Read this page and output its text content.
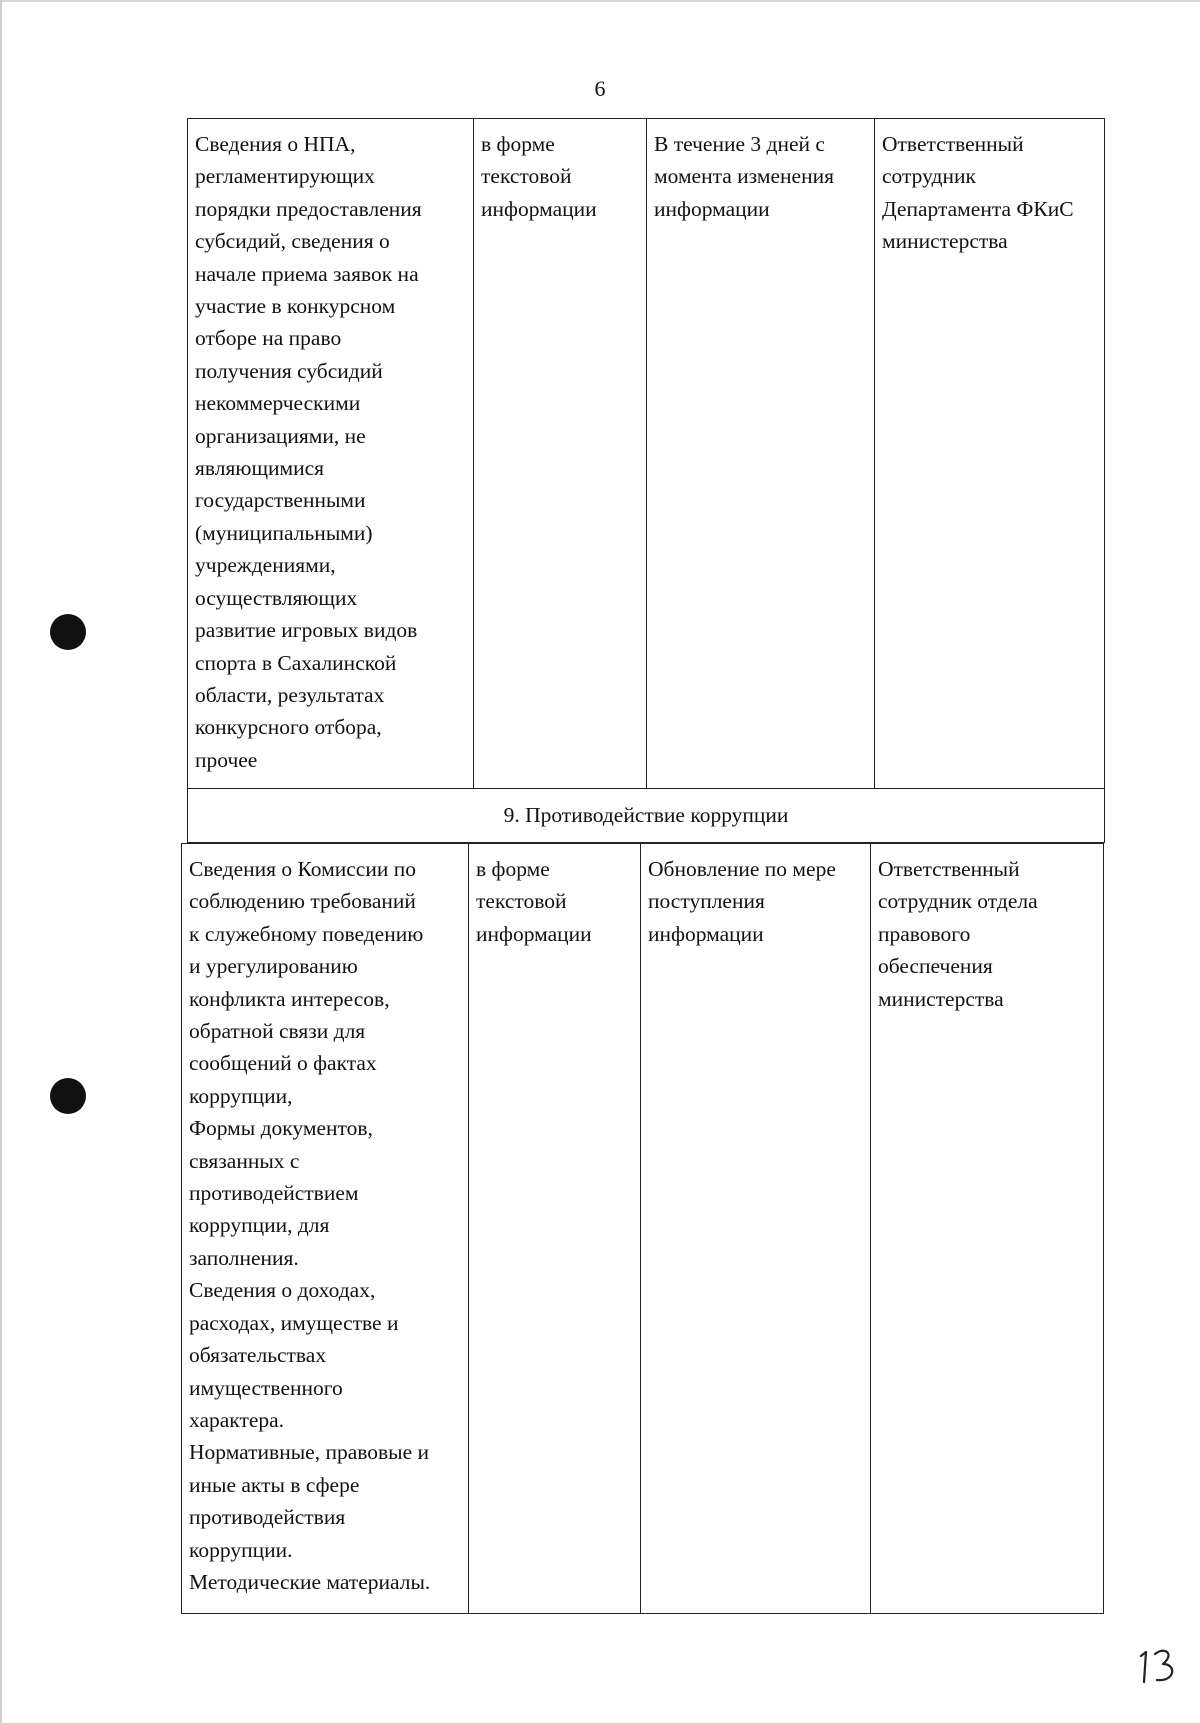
6
Сведения о НПА,
регламентирующих
порядки предоставления
субсидий, сведения о
начале приема заявок на
участие в конкурсном
отборе на право
получения субсидий
некоммерческими
организациями, не
являющимися
государственными
(муниципальными)
учреждениями,
осуществляющих
развитие игровых видов
спорта в Сахалинской
области, результатах
конкурсного отбора,
прочее	в форме
текстовой
информации	В течение 3 дней с
момента изменения
информации	Ответственный
сотрудник
Департамента ФКиС
министерства
9. Противодействие коррупции
Сведения о Комиссии по
соблюдению требований
к служебному поведению
и урегулированию
конфликта интересов,
обратной связи для
сообщений о фактах
коррупции,
Формы документов,
связанных с
противодействием
коррупции, для
заполнения.
Сведения о доходах,
расходах, имуществе и
обязательствах
имущественного
характера.
Нормативные, правовые и
иные акты в сфере
противодействия
коррупции.
Методические материалы.	в форме
текстовой
информации	Обновление по мере
поступления
информации	Ответственный
сотрудник отдела
правового
обеспечения
министерства
